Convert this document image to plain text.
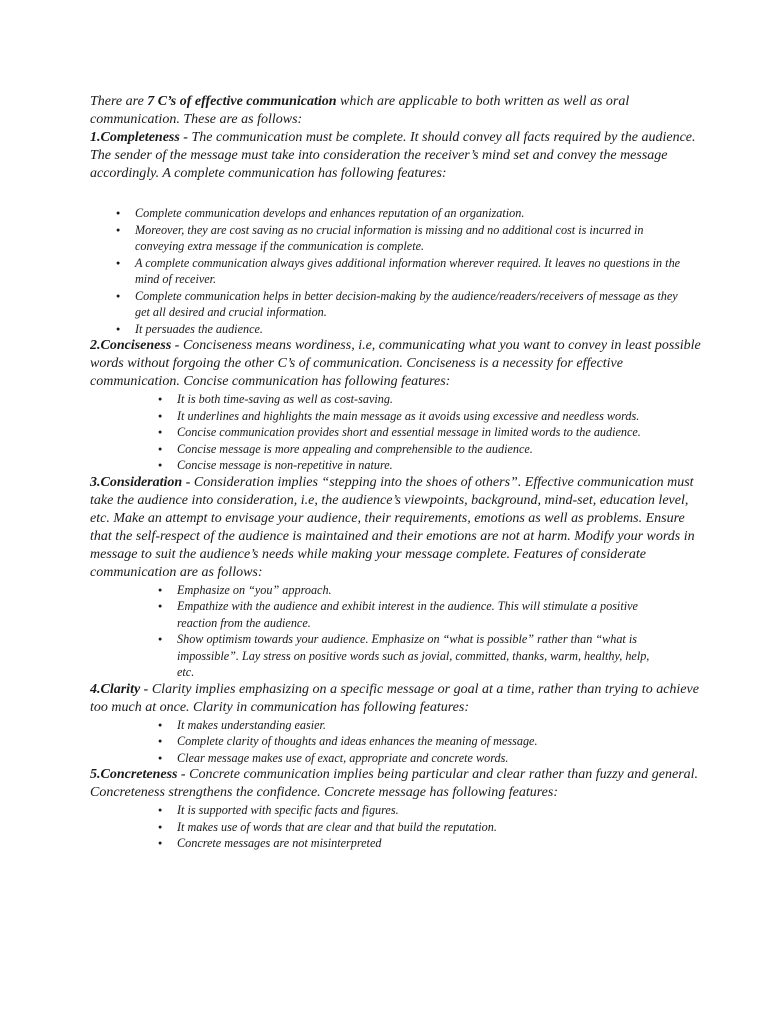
There are 7 C’s of effective communication which are applicable to both written as well as oral communication. These are as follows:

1.Completeness - The communication must be complete. It should convey all facts required by the audience. The sender of the message must take into consideration the receiver’s mind set and convey the message accordingly. A complete communication has following features:

● Complete communication develops and enhances reputation of an organization.
● Moreover, they are cost saving as no crucial information is missing and no additional cost is incurred in conveying extra message if the communication is complete.
● A complete communication always gives additional information wherever required. It leaves no questions in the mind of receiver.
● Complete communication helps in better decision-making by the audience/readers/receivers of message as they get all desired and crucial information.
● It persuades the audience.

2.Conciseness - Conciseness means wordiness, i.e, communicating what you want to convey in least possible words without forgoing the other C’s of communication. Conciseness is a necessity for effective communication. Concise communication has following features:

● It is both time-saving as well as cost-saving.
● It underlines and highlights the main message as it avoids using excessive and needless words.
● Concise communication provides short and essential message in limited words to the audience.
● Concise message is more appealing and comprehensible to the audience.
● Concise message is non-repetitive in nature.

3.Consideration - Consideration implies “stepping into the shoes of others”. Effective communication must take the audience into consideration, i.e, the audience’s viewpoints, background, mind-set, education level, etc. Make an attempt to envisage your audience, their requirements, emotions as well as problems. Ensure that the self-respect of the audience is maintained and their emotions are not at harm. Modify your words in message to suit the audience’s needs while making your message complete. Features of considerate communication are as follows:

● Emphasize on “you” approach.
● Empathize with the audience and exhibit interest in the audience. This will stimulate a positive reaction from the audience.
● Show optimism towards your audience. Emphasize on “what is possible” rather than “what is impossible”. Lay stress on positive words such as jovial, committed, thanks, warm, healthy, help, etc.

4.Clarity - Clarity implies emphasizing on a specific message or goal at a time, rather than trying to achieve too much at once. Clarity in communication has following features:

● It makes understanding easier.
● Complete clarity of thoughts and ideas enhances the meaning of message.
● Clear message makes use of exact, appropriate and concrete words.

5.Concreteness - Concrete communication implies being particular and clear rather than fuzzy and general. Concreteness strengthens the confidence. Concrete message has following features:

● It is supported with specific facts and figures.
● It makes use of words that are clear and that build the reputation.
● Concrete messages are not misinterpreted
